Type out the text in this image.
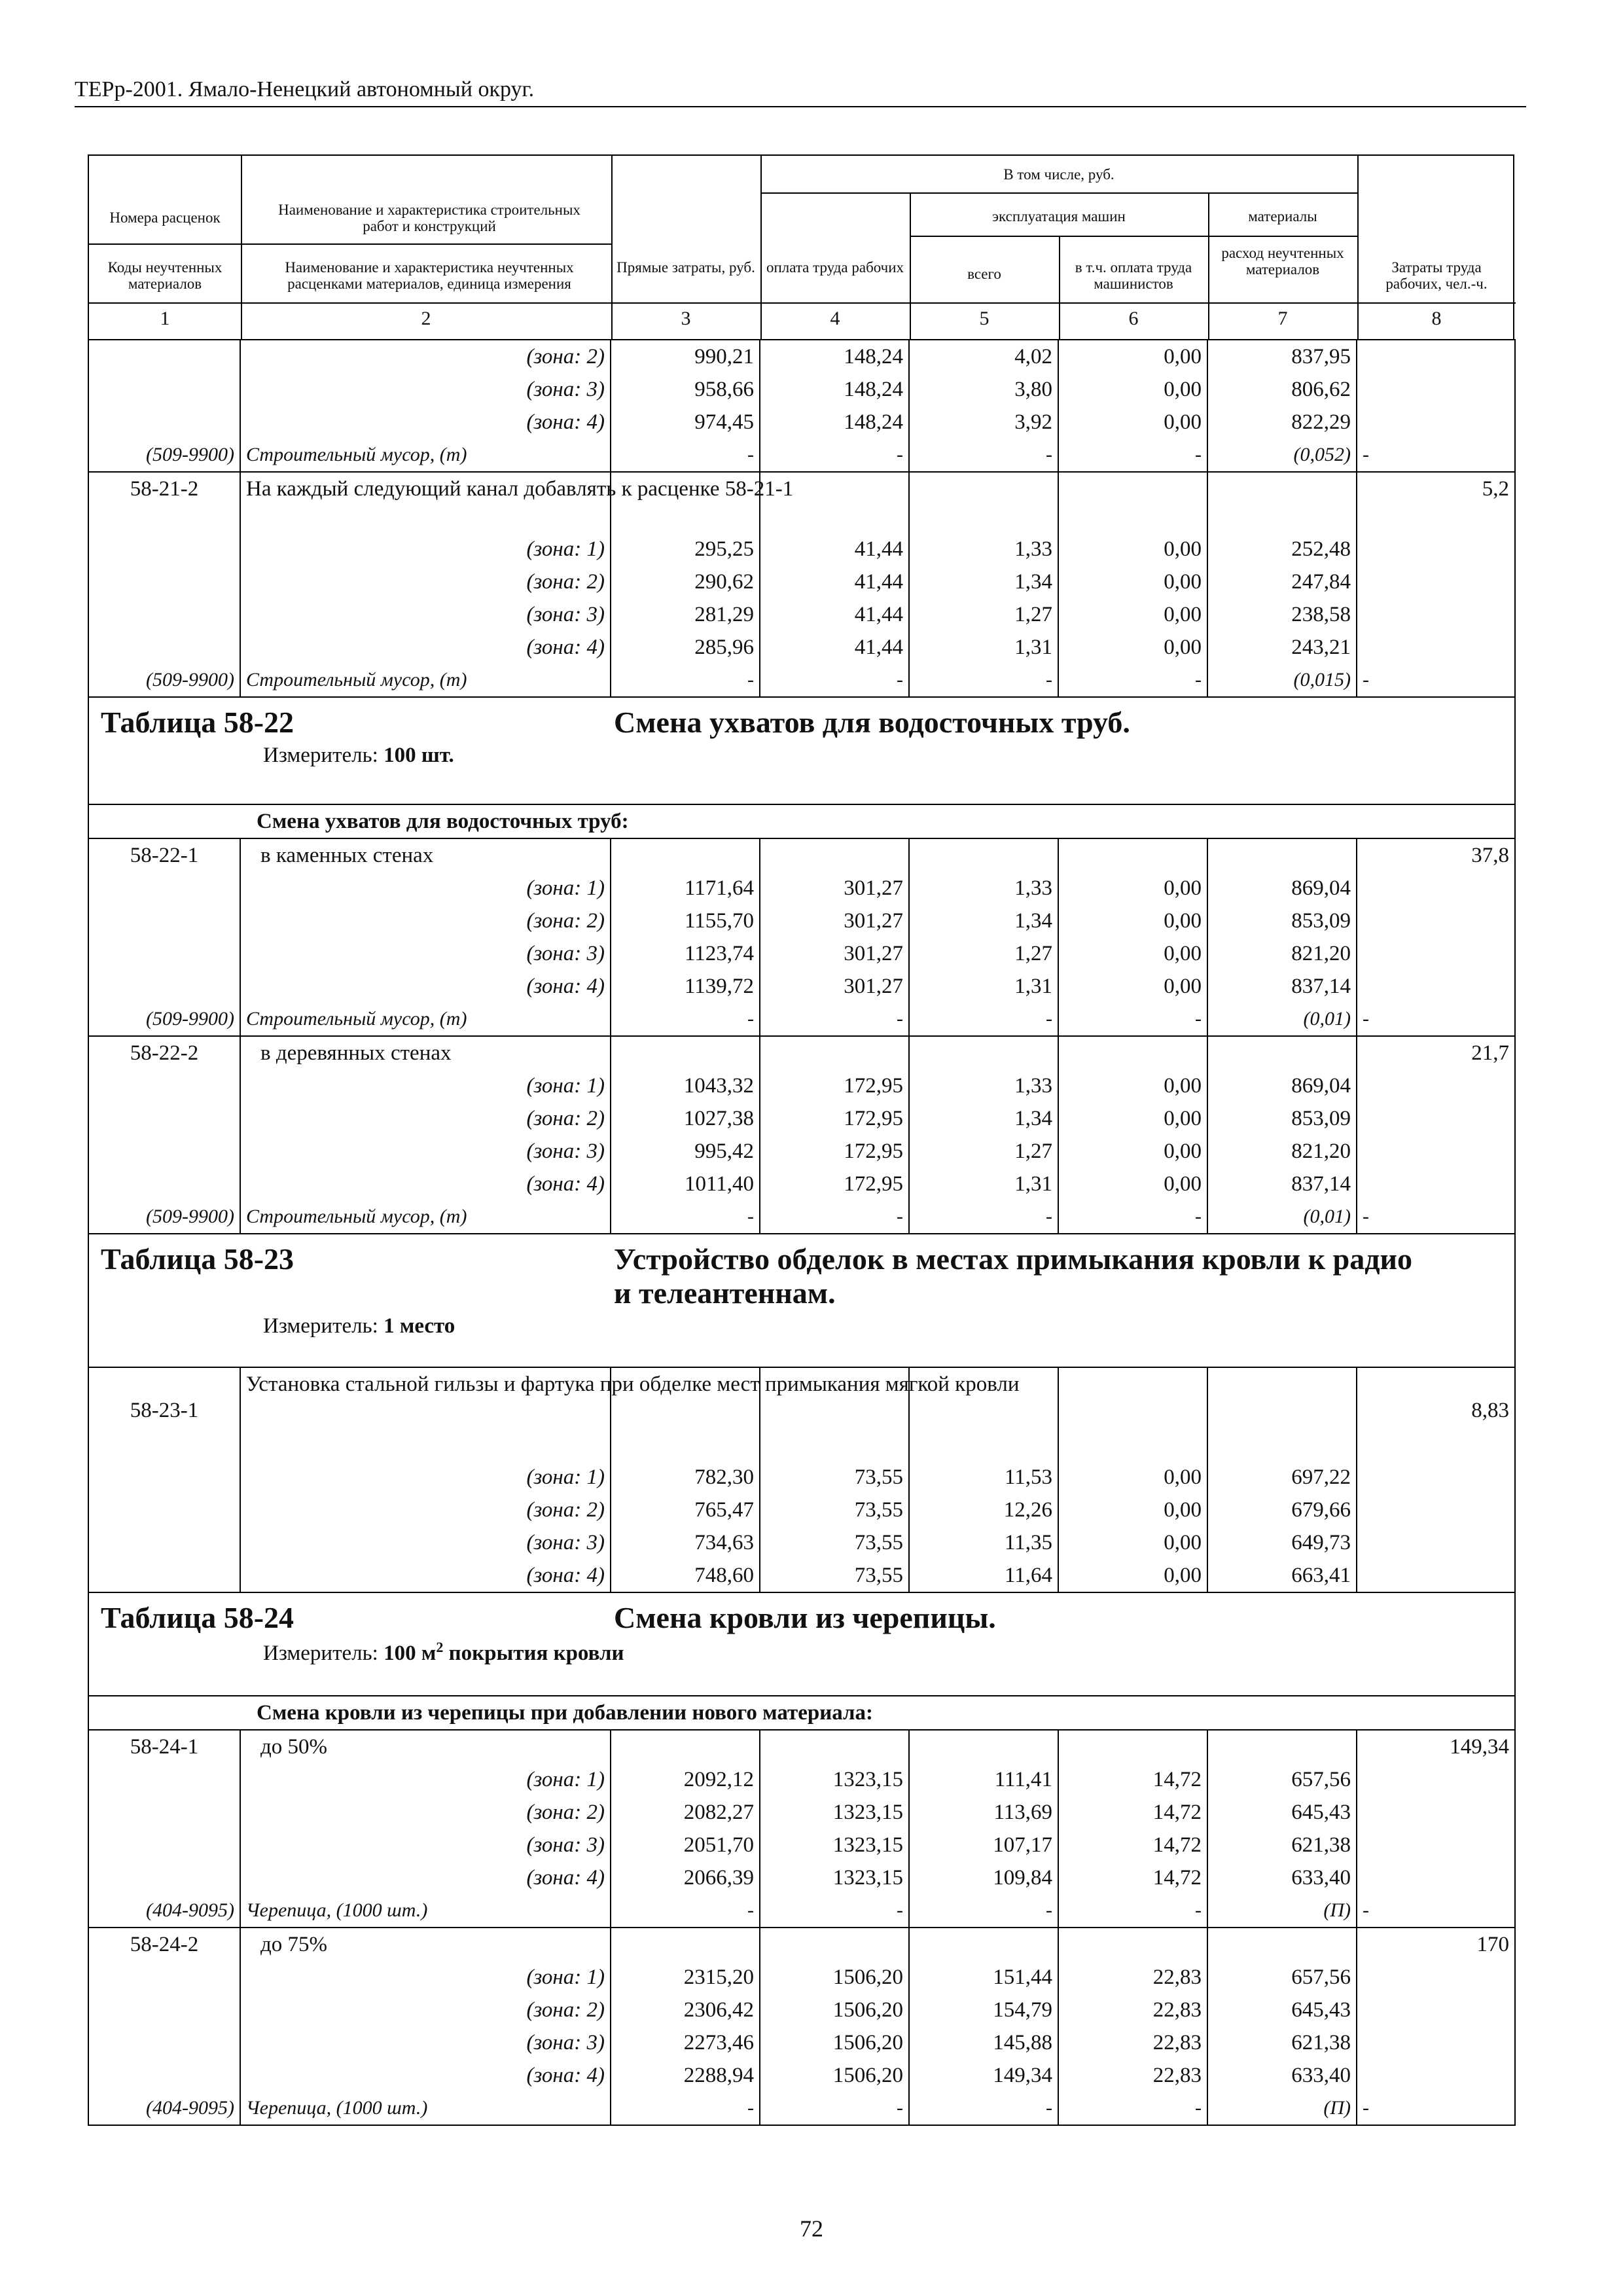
ТЕРр-2001. Ямало-Ненецкий автономный округ.
Номера расценок
Коды неучтенных материалов
Наименование и характеристика строительных работ и конструкций
Наименование и характеристика неучтенных расценками материалов, единица измерения
Прямые затраты, руб.
В том числе, руб.
оплата труда рабочих
эксплуатация машин
всего	в т.ч. оплата труда машинистов
материалы
расход неучтенных материалов	Затраты труда рабочих, чел.-ч.
1	2	3	4	5	6	7	8
	(зона: 2)	990,21	148,24	4,02	0,00	837,95	
	(зона: 3)	958,66	148,24	3,80	0,00	806,62	
	(зона: 4)	974,45	148,24	3,92	0,00	822,29	
(509-9900)	Строительный мусор, (т)	-	-	-	-	(0,052)	-
58-21-2	На каждый следующий канал добавлять к расценке 58-21-1						5,2
	(зона: 1)	295,25	41,44	1,33	0,00	252,48	
	(зона: 2)	290,62	41,44	1,34	0,00	247,84	
	(зона: 3)	281,29	41,44	1,27	0,00	238,58	
	(зона: 4)	285,96	41,44	1,31	0,00	243,21	
(509-9900)	Строительный мусор, (т)	-	-	-	-	(0,015)	-

Таблица 58-22 Смена ухватов для водосточных труб.
Измеритель: 100 шт.							

Смена ухватов для водосточных труб:							
58-22-1	в каменных стенах						37,8
	(зона: 1)	1171,64	301,27	1,33	0,00	869,04	
	(зона: 2)	1155,70	301,27	1,34	0,00	853,09	
	(зона: 3)	1123,74	301,27	1,27	0,00	821,20	
	(зона: 4)	1139,72	301,27	1,31	0,00	837,14	
(509-9900)	Строительный мусор, (т)	-	-	-	-	(0,01)	-
58-22-2	в деревянных стенах						21,7
	(зона: 1)	1043,32	172,95	1,33	0,00	869,04	
	(зона: 2)	1027,38	172,95	1,34	0,00	853,09	
	(зона: 3)	995,42	172,95	1,27	0,00	821,20	
	(зона: 4)	1011,40	172,95	1,31	0,00	837,14	
(509-9900)	Строительный мусор, (т)	-	-	-	-	(0,01)	-

Таблица 58-23 Устройство обделок в местах примыкания кровли к радио и телеантеннам.
Измеритель: 1 место							

58-23-1	Установка стальной гильзы и фартука при обделке мест примыкания мягкой кровли						8,83
	(зона: 1)	782,30	73,55	11,53	0,00	697,22	
	(зона: 2)	765,47	73,55	12,26	0,00	679,66	
	(зона: 3)	734,63	73,55	11,35	0,00	649,73	
	(зона: 4)	748,60	73,55	11,64	0,00	663,41	

Таблица 58-24 Смена кровли из черепицы.
Измеритель: 100 $м^2$ покрытия кровли							

Смена кровли из черепицы при добавлении нового материала:							
58-24-1	до 50%						149,34
	(зона: 1)	2092,12	1323,15	111,41	14,72	657,56	
	(зона: 2)	2082,27	1323,15	113,69	14,72	645,43	
	(зона: 3)	2051,70	1323,15	107,17	14,72	621,38	
	(зона: 4)	2066,39	1323,15	109,84	14,72	633,40	
(404-9095)	Черепица, (1000 шт.)	-	-	-	-	(П)	-
58-24-2	до 75%						170
	(зона: 1)	2315,20	1506,20	151,44	22,83	657,56	
	(зона: 2)	2306,42	1506,20	154,79	22,83	645,43	
	(зона: 3)	2273,46	1506,20	145,88	22,83	621,38	
	(зона: 4)	2288,94	1506,20	149,34	22,83	633,40	
(404-9095)	Черепица, (1000 шт.)	-	-	-	-	(П)	-
72
